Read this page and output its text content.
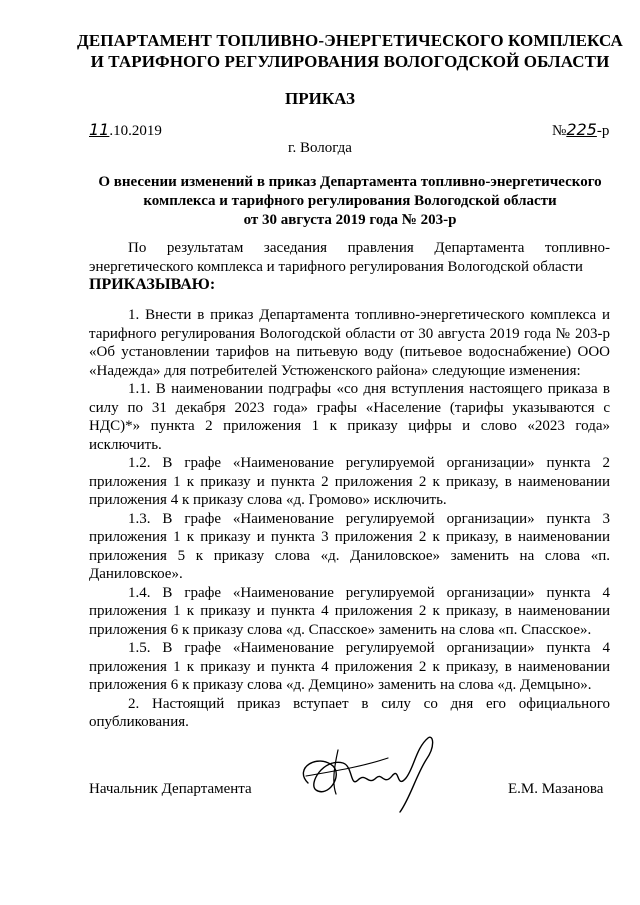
ДЕПАРТАМЕНТ ТОПЛИВНО-ЭНЕРГЕТИЧЕСКОГО КОМПЛЕКСА
И ТАРИФНОГО РЕГУЛИРОВАНИЯ ВОЛОГОДСКОЙ ОБЛАСТИ
ПРИКАЗ
11.10.2019	№225-р
г. Вологда
О внесении изменений в приказ Департамента топливно-энергетического
комплекса и тарифного регулирования Вологодской области
от 30 августа 2019 года № 203-р

По результатам заседания правления Департамента топливно-энергетического комплекса и тарифного регулирования Вологодской области

ПРИКАЗЫВАЮ:

1. Внести в приказ Департамента топливно-энергетического комплекса и тарифного регулирования Вологодской области от 30 августа 2019 года № 203-р «Об установлении тарифов на питьевую воду (питьевое водоснабжение) ООО «Надежда» для потребителей Устюженского района» следующие изменения:

1.1. В наименовании подграфы «со дня вступления настоящего приказа в силу по 31 декабря 2023 года» графы «Население (тарифы указываются с НДС)*» пункта 2 приложения 1 к приказу цифры и слово «2023 года» исключить.

1.2. В графе «Наименование регулируемой организации» пункта 2 приложения 1 к приказу и пункта 2 приложения 2 к приказу, в наименовании приложения 4 к приказу слова «д. Громово» исключить.

1.3. В графе «Наименование регулируемой организации» пункта 3 приложения 1 к приказу и пункта 3 приложения 2 к приказу, в наименовании приложения 5 к приказу слова «д. Даниловское» заменить на слова «п. Даниловское».

1.4. В графе «Наименование регулируемой организации» пункта 4 приложения 1 к приказу и пункта 4 приложения 2 к приказу, в наименовании приложения 6 к приказу слова «д. Спасское» заменить на слова «п. Спасское».

1.5. В графе «Наименование регулируемой организации» пункта 4 приложения 1 к приказу и пункта 4 приложения 2 к приказу, в наименовании приложения 6 к приказу слова «д. Демцино» заменить на слова «д. Демцыно».

2. Настоящий приказ вступает в силу со дня его официального опубликования.

Начальник Департамента	Е.М. Мазанова
